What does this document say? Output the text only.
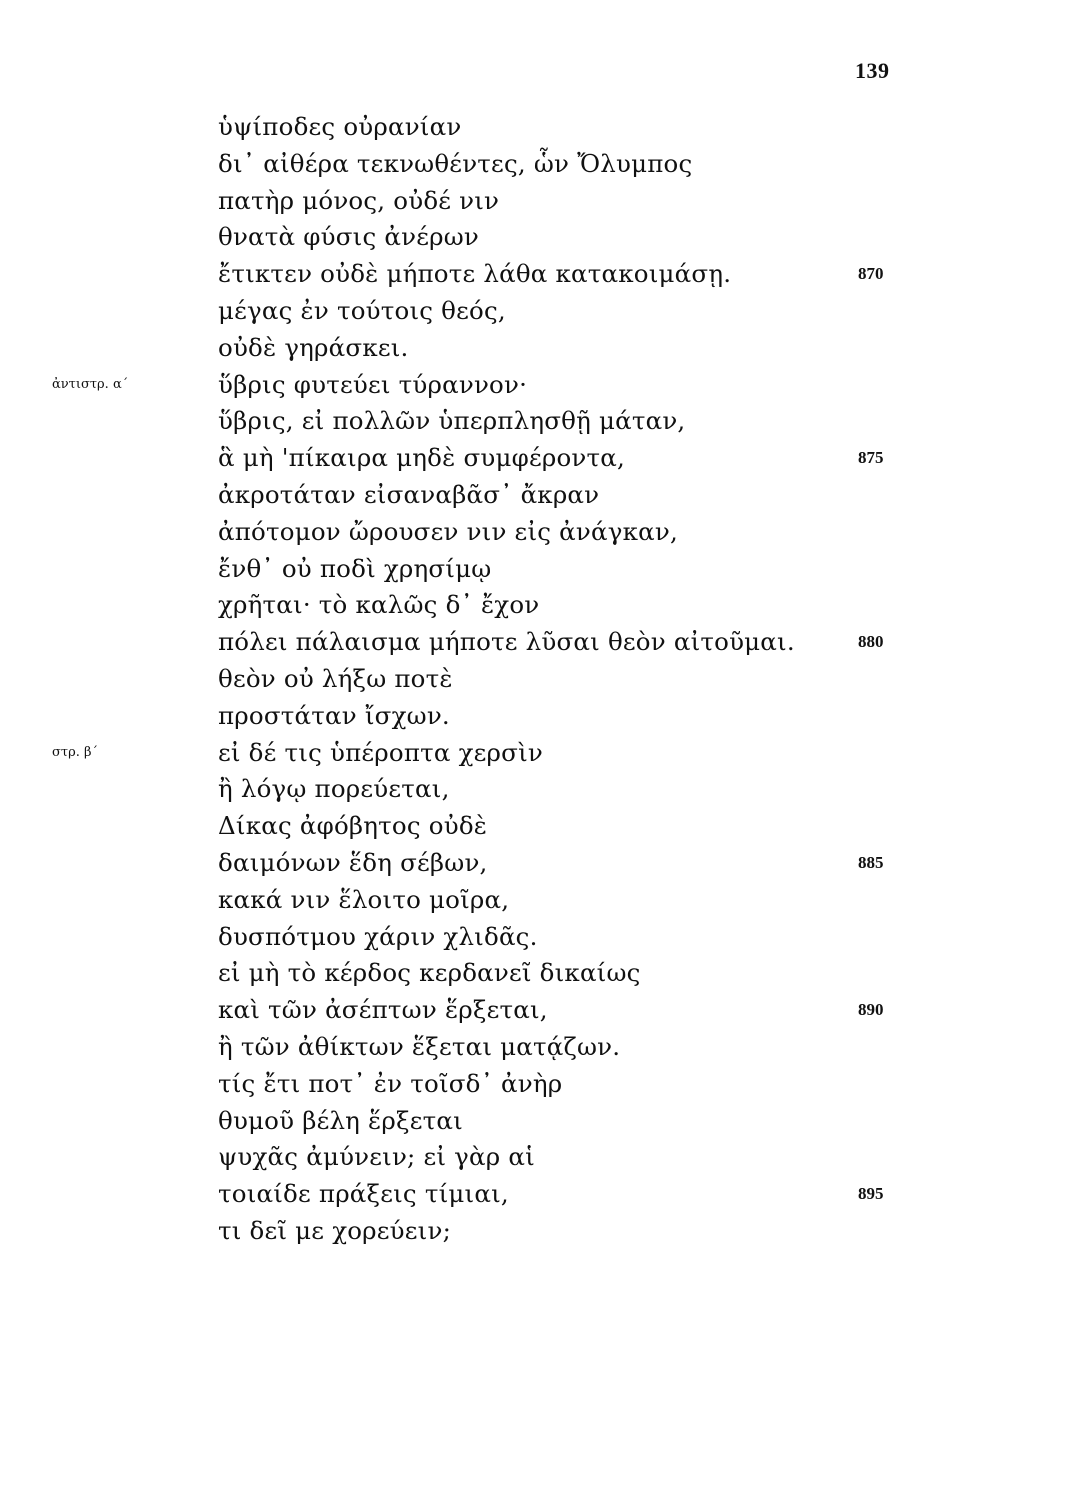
139
ὑψίποδες οὐρανίαν
δι᾽ αἰθέρα τεκνωθέντες, ὧν Ὄλυμπος
πατὴρ μόνος, οὐδέ νιν
θνατὰ φύσις ἀνέρων
ἔτικτεν οὐδὲ μήποτε λάθα κατακοιμάσῃ.	870
μέγας ἐν τούτοις θεός,
οὐδὲ γηράσκει.
ἀντιστρ. α´	ὕβρις φυτεύει τύραννον·
ὕβρις, εἰ πολλῶν ὑπερπλησθῇ μάταν,
ἃ μὴ 'πίκαιρα μηδὲ συμφέροντα,	875
ἀκροτάταν εἰσαναβᾶσ᾽ ἄκραν
ἀπότομον ὤρουσεν νιν εἰς ἀνάγκαν,
ἔνθ᾽ οὐ ποδὶ χρησίμῳ
χρῆται· τὸ καλῶς δ᾽ ἔχον
πόλει πάλαισμα μήποτε λῦσαι θεὸν αἰτοῦμαι.	880
θεὸν οὐ λήξω ποτὲ
προστάταν ἴσχων.
στρ. β´	εἰ δέ τις ὑπέροπτα χερσὶν
ἢ λόγῳ πορεύεται,
Δίκας ἀφόβητος οὐδὲ
δαιμόνων ἕδη σέβων,	885
κακά νιν ἕλοιτο μοῖρα,
δυσπότμου χάριν χλιδᾶς.
εἰ μὴ τὸ κέρδος κερδανεῖ δικαίως
καὶ τῶν ἀσέπτων ἕρξεται,	890
ἢ τῶν ἀθίκτων ἕξεται ματᾴζων.
τίς ἔτι ποτ᾽ ἐν τοῖσδ᾽ ἀνὴρ
θυμοῦ βέλη ἕρξεται
ψυχᾶς ἀμύνειν; εἰ γὰρ αἱ
τοιαίδε πράξεις τίμιαι,	895
τι δεῖ με χορεύειν;
